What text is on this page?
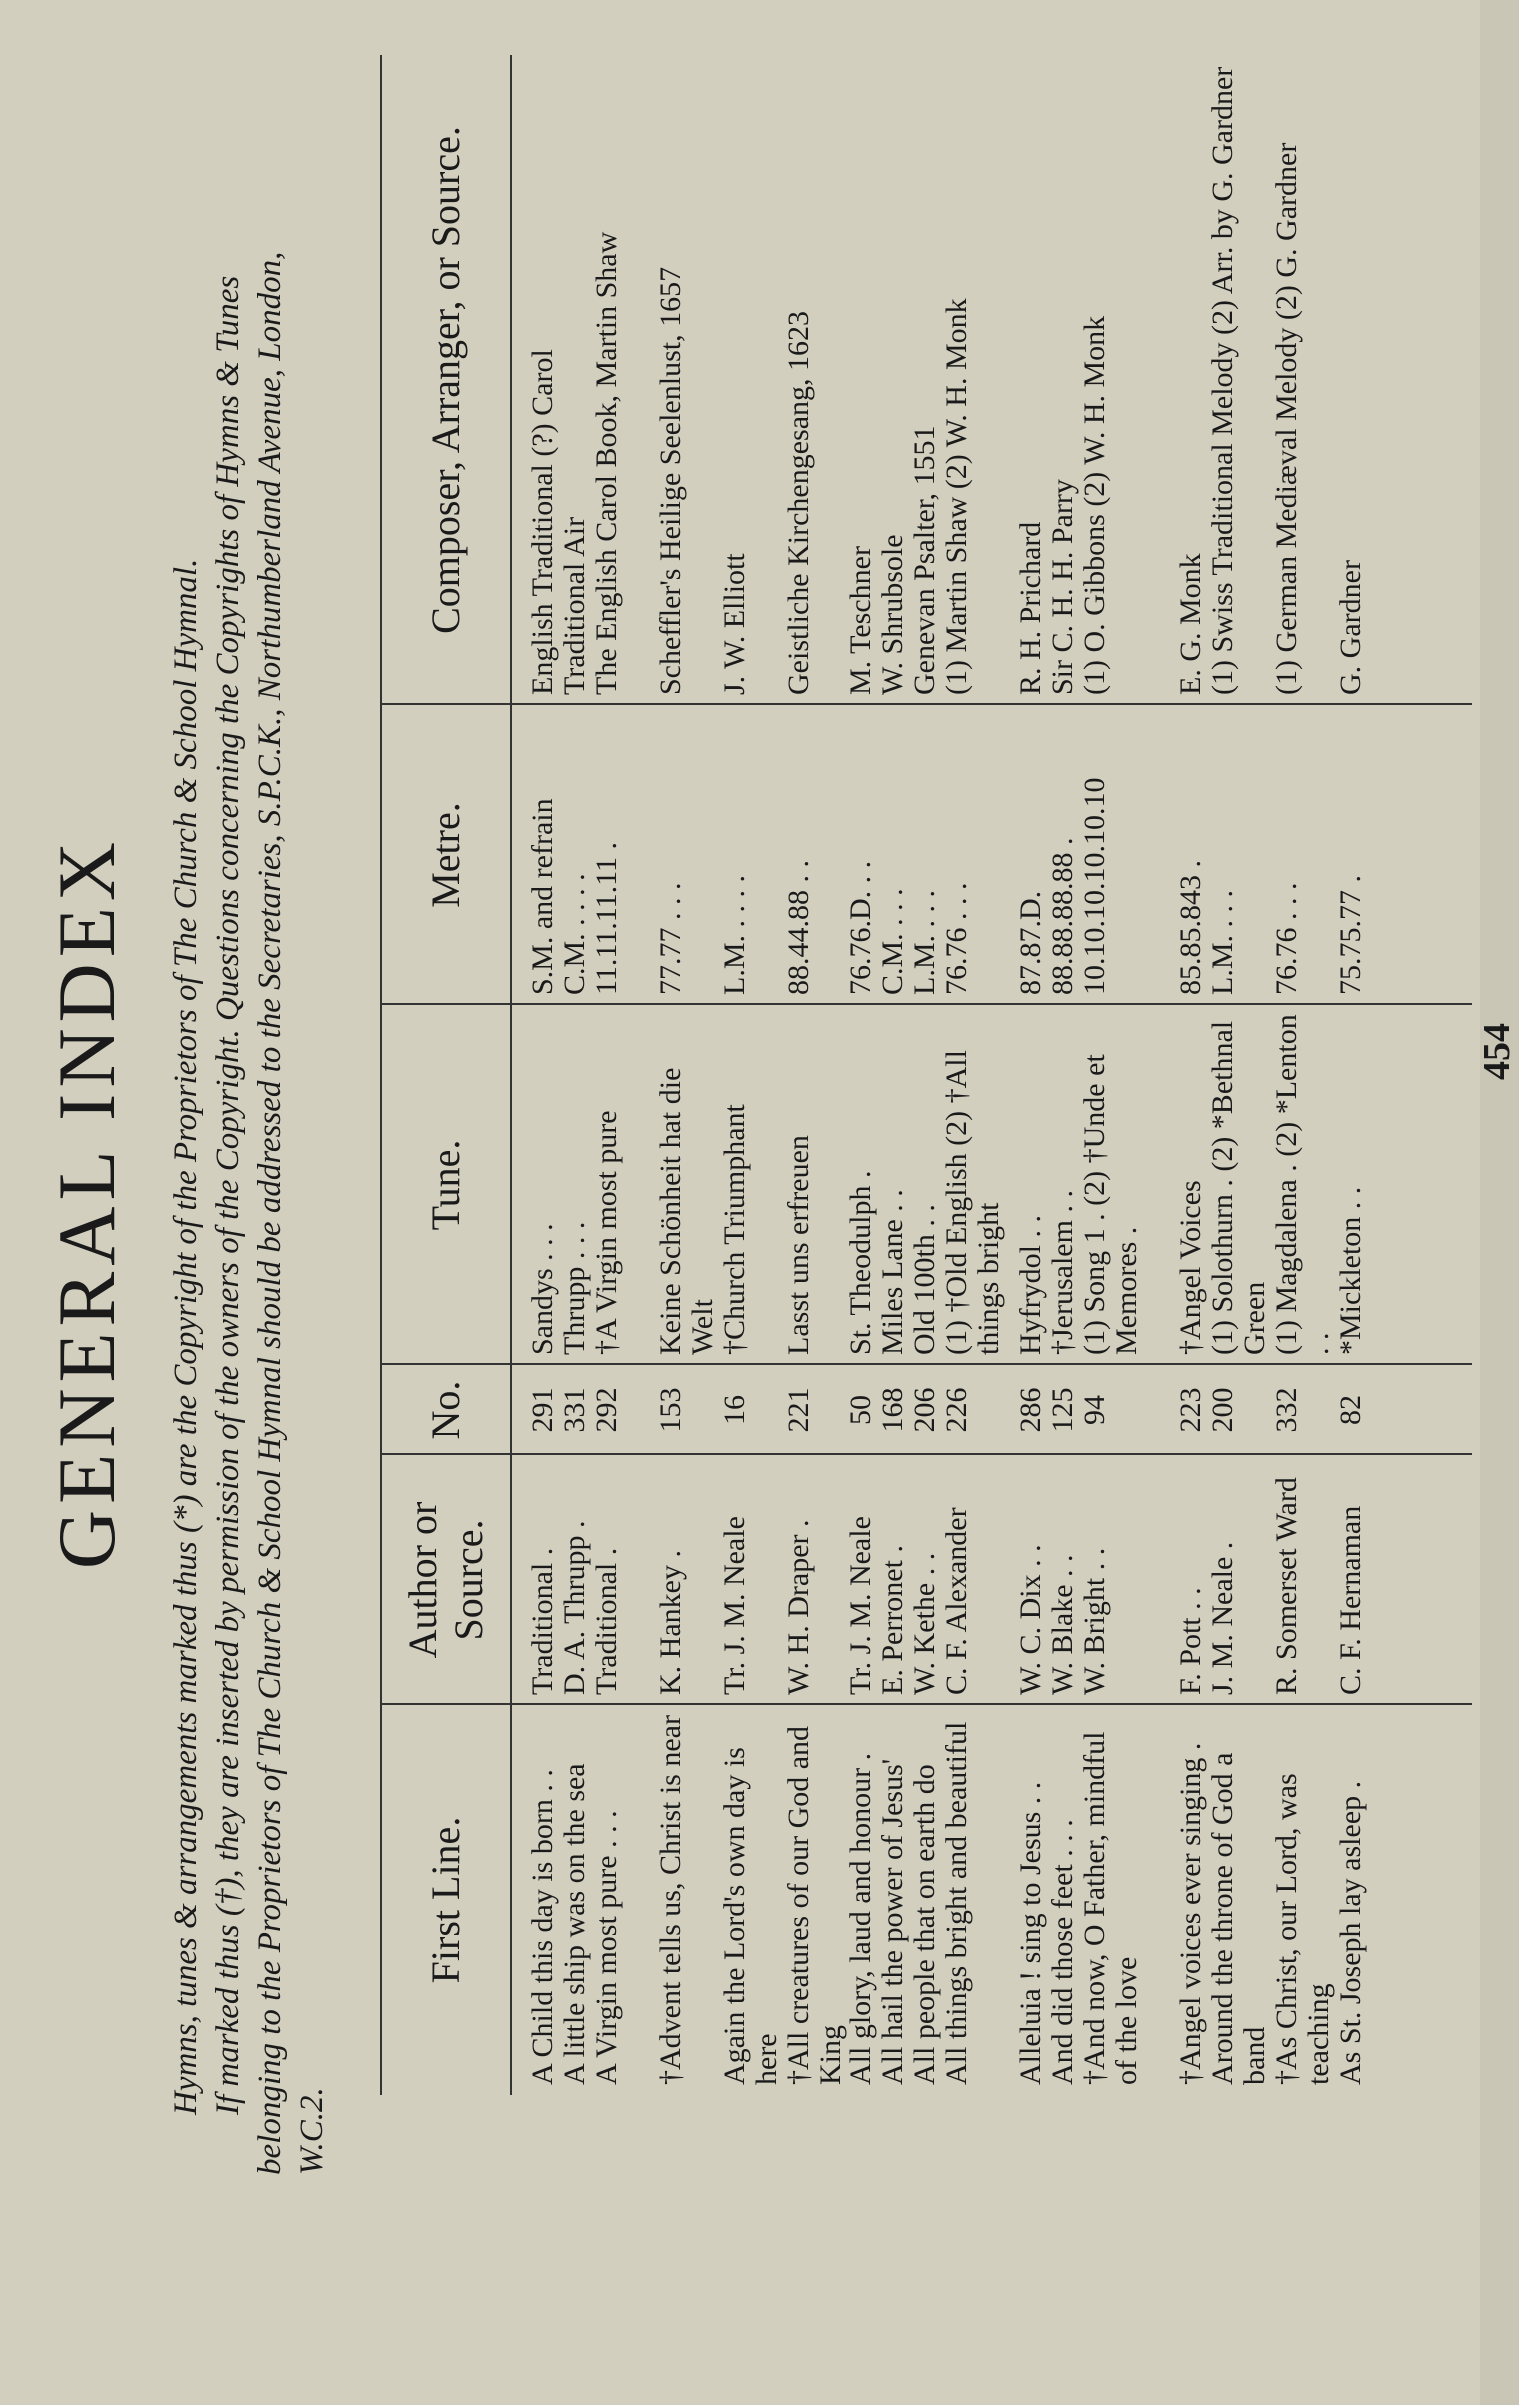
GENERAL INDEX Hymns, tunes & arrangements marked thus (*) are the Copyright of the Proprietors of The Church & School Hymnal. If marked thus (†), they are inserted by permission of the owners of the Copyright. Questions concerning the Copyrights of Hymns & Tunes belonging to the Proprietors of The Church & School Hymnal should be addressed to the Secretaries, S.P.C.K., Northumberland Avenue, London, W.C.2.

First Line.
Author or Source.
No.
Tune.
Metre.
Composer, Arranger, or Source.
A Child this day is born . .
Traditional .
291
Sandys . . .
S.M. and refrain
English Traditional (?) Carol
A little ship was on the sea
D. A. Thrupp .
331
Thrupp . . .
C.M. . . . .
Traditional Air
A Virgin most pure . . .
Traditional .
292
†A Virgin most pure
11.11.11.11 .
The English Carol Book, Martin Shaw
†Advent tells us, Christ is near
K. Hankey .
153
Keine Schönheit hat die Welt
77.77 . . .
Scheffler's Heilige Seelenlust, 1657
Again the Lord's own day is here
Tr. J. M. Neale
16
†Church Triumphant
L.M. . . . .
J. W. Elliott
†All creatures of our God and King
W. H. Draper .
221
Lasst uns erfreuen
88.44.88 . .
Geistliche Kirchengesang, 1623
All glory, laud and honour .
Tr. J. M. Neale
50
St. Theodulph .
76.76.D. . .
M. Teschner
All hail the power of Jesus'
E. Perronet .
168
Miles Lane . .
C.M. . . .
W. Shrubsole
All people that on earth do
W. Kethe . .
206
Old 100th . .
L.M. . . .
Genevan Psalter, 1551
All things bright and beautiful
C. F. Alexander
226
(1) †Old English (2) †All things bright
76.76 . . .
(1) Martin Shaw (2) W. H. Monk
Alleluia ! sing to Jesus . .
W. C. Dix . .
286
Hyfrydol . .
87.87.D.
R. H. Prichard
And did those feet . . .
W. Blake . .
125
†Jerusalem . .
88.88.88.88 .
Sir C. H. H. Parry
†And now, O Father, mindful of the love
W. Bright . .
94
(1) Song 1 . (2) †Unde et Memores .
10.10.10.10.10.10
(1) O. Gibbons (2) W. H. Monk
†Angel voices ever singing .
F. Pott . .
223
†Angel Voices
85.85.843 .
E. G. Monk
Around the throne of God a band
J. M. Neale .
200
(1) Solothurn . (2) *Bethnal Green
L.M. . . .
(1) Swiss Traditional Melody (2) Arr. by G. Gardner
†As Christ, our Lord, was teaching
R. Somerset Ward
332
(1) Magdalena . (2) *Lenton . .
76.76 . . .
(1) German Mediæval Melody (2) G. Gardner
As St. Joseph lay asleep .
C. F. Hernaman
82
*Mickleton . .
75.75.77 .
G. Gardner
454
